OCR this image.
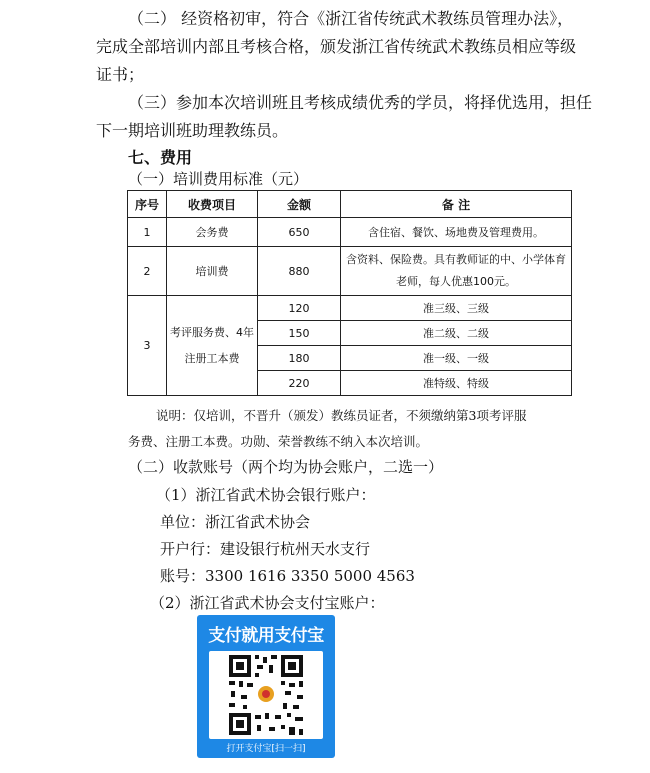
（二） 经资格初审，符合《浙江省传统武术教练员管理办法》，
完成全部培训内部且考核合格，颁发浙江省传统武术教练员相应等级
证书；
（三）参加本次培训班且考核成绩优秀的学员，将择优选用，担任
下一期培训班助理教练员。
七、费用
（一）培训费用标准（元）
序号	收费项目	金额	备 注
1	会务费	650	含住宿、餐饮、场地费及管理费用。
2	培训费	880	含资料、保险费。具有教师证的中、小学体育
老师，每人优惠100元。

3	考评服务费、4年
注册工本费	120	准三级、三级
		150	准二级、二级
		180	准一级、一级
		220	准特级、特级
说明：仅培训，不晋升（颁发）教练员证者，不须缴纳第3项考评服
务费、注册工本费。功勋、荣誉教练不纳入本次培训。
（二）收款账号（两个均为协会账户，二选一）
（1）浙江省武术协会银行账户：
单位：浙江省武术协会
开户行：建设银行杭州天水支行
账号：3300 1616 3350 5000 4563
（2）浙江省武术协会支付宝账户：
支付就用支付宝
打开支付宝[扫一扫]
